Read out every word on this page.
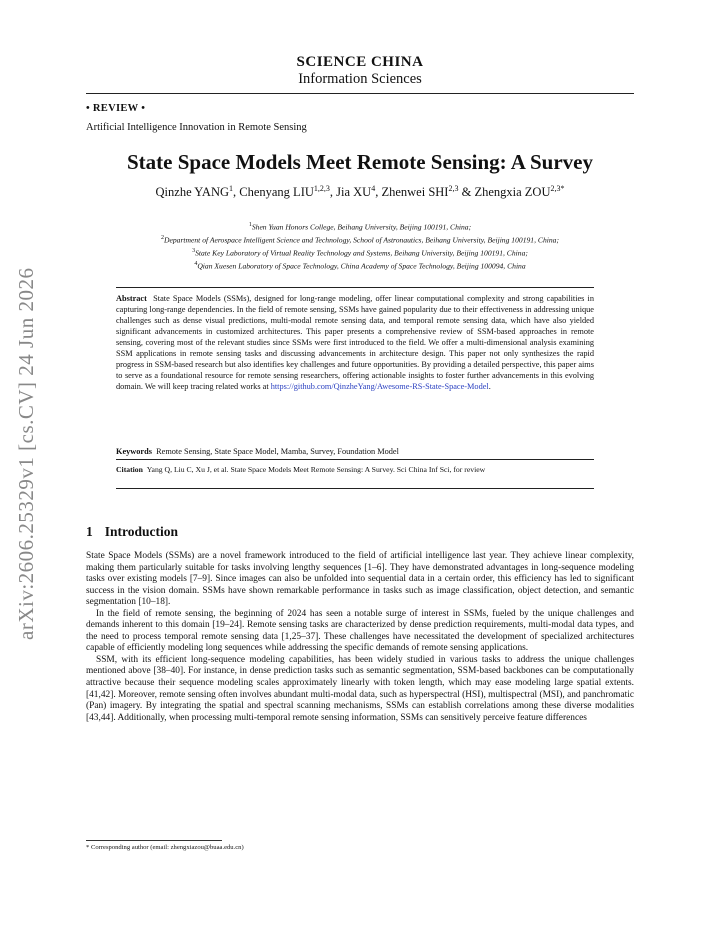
arXiv:2606.25329v1 [cs.CV] 24 Jun 2026
SCIENCE CHINA
Information Sciences
• REVIEW •
Artificial Intelligence Innovation in Remote Sensing
State Space Models Meet Remote Sensing: A Survey
Qinzhe YANG$^1$, Chenyang LIU$^{1,2,3}$, Jia $XU^4$, Zhenwei SHI$^{2,3}$ & Zhengxia $ZOU^{2,3*}$
$^1$Shen Yuan Honors College, Beihang University, Beijing 100191, China;
$^2$Department of Aerospace Intelligent Science and Technology, School of Astronautics, Beihang University, Beijing 100191, China;
$^3$State Key Laboratory of Virtual Reality Technology and Systems, Beihang University, Beijing 100191, China;
$^4$Qian Xuesen Laboratory of Space Technology, China Academy of Space Technology, Beijing 100094, China
Abstract State Space Models (SSMs), designed for long-range modeling, offer linear computational complexity and strong capabilities in capturing long-range dependencies. In the field of remote sensing, SSMs have gained popularity due to their effectiveness in addressing unique challenges such as dense visual predictions, multi-modal remote sensing data, and temporal remote sensing data, which have also yielded significant advancements in customized architectures. This paper presents a comprehensive review of SSM-based approaches in remote sensing, covering most of the relevant studies since SSMs were first introduced to the field. We offer a multi-dimensional analysis examining SSM applications in remote sensing tasks and discussing advancements in architecture design. This paper not only synthesizes the rapid progress in SSM-based research but also identifies key challenges and future opportunities. By providing a detailed perspective, this paper aims to serve as a foundational resource for remote sensing researchers, offering actionable insights to foster further advancements in this evolving domain. We will keep tracing related works at https://github.com/QinzheYang/Awesome-RS-State-Space-Model.
Keywords Remote Sensing, State Space Model, Mamba, Survey, Foundation Model
Citation Yang Q, Liu C, Xu J, et al. State Space Models Meet Remote Sensing: A Survey. Sci China Inf Sci, for review
1 Introduction

State Space Models (SSMs) are a novel framework introduced to the field of artificial intelligence last year. They achieve linear complexity, making them particularly suitable for tasks involving lengthy sequences [1–6]. They have demonstrated advantages in long-sequence modeling tasks over existing models [7–9]. Since images can also be unfolded into sequential data in a certain order, this efficiency has led to significant success in the vision domain. SSMs have shown remarkable performance in tasks such as image classification, object detection, and semantic segmentation [10–18].

In the field of remote sensing, the beginning of 2024 has seen a notable surge of interest in SSMs, fueled by the unique challenges and demands inherent to this domain [19–24]. Remote sensing tasks are characterized by dense prediction requirements, multi-modal data types, and the need to process temporal remote sensing data [1,25–37]. These challenges have necessitated the development of specialized architectures capable of efficiently modeling long sequences while addressing the specific demands of remote sensing applications.

SSM, with its efficient long-sequence modeling capabilities, has been widely studied in various tasks to address the unique challenges mentioned above [38–40]. For instance, in dense prediction tasks such as semantic segmentation, SSM-based backbones can be computationally attractive because their sequence modeling scales approximately linearly with token length, which may ease modeling large spatial extents. [41,42]. Moreover, remote sensing often involves abundant multi-modal data, such as hyperspectral (HSI), multispectral (MSI), and panchromatic (Pan) imagery. By integrating the spatial and spectral scanning mechanisms, SSMs can establish correlations among these diverse modalities [43,44]. Additionally, when processing multi-temporal remote sensing information, SSMs can sensitively perceive feature differences

* Corresponding author (email: zhengxiazou@buaa.edu.cn)
